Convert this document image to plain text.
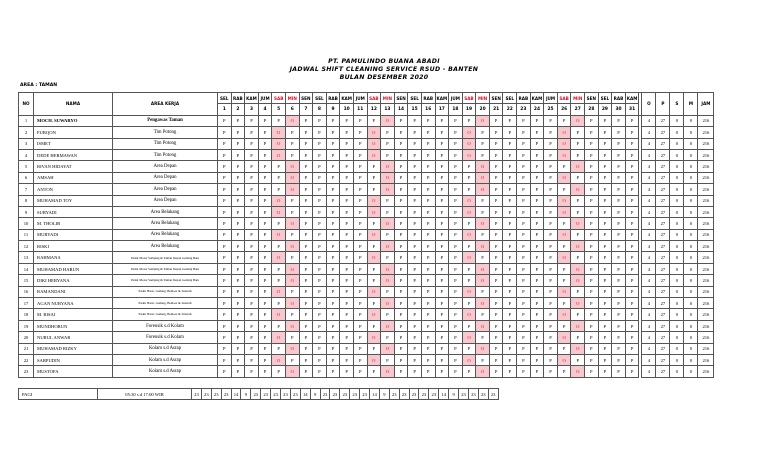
PT. PAMULINDO BUANA ABADI
JADWAL SHIFT CLEANING SERVICE RSUD - BANTEN
BULAN DESEMBER 2020
AREA : TAMAN
NO	NAMA	AREA KERJA	SEL	RAB	KAM	JUM	SAB	MIN	SEN	SEL	RAB	KAM	JUM	SAB	MIN	SEN	SEL	RAB	KAM	JUM	SAB	MIN	SEN	SEL	RAB	KAM	JUM	SAB	MIN	SEN	SEL	RAB	KAM		O	P	S	M	JAM
			1	2	3	4	5	6	7	8	9	10	11	12	13	14	15	16	17	18	19	20	21	22	23	24	25	26	27	28	29	30	31						
1	MOCH. SUWARYO	Pengawas Taman	P	P	P	P	P	O	P	P	P	P	P	P	O	P	P	P	P	P	P	O	P	P	P	P	P	P	O	P	P	P	P		4	27	0	0	216
2	FURQON	Tim Potong	P	P	P	P	O	P	P	P	P	P	P	O	P	P	P	P	P	P	O	P	P	P	P	P	P	O	P	P	P	P	P		4	27	0	0	216
3	ISMET	Tim Potong	P	P	P	P	O	P	P	P	P	P	P	O	P	P	P	P	P	P	O	P	P	P	P	P	P	O	P	P	P	P	P		4	27	0	0	216
4	DEDE HERMAWAN	Tim Potong	P	P	P	P	O	P	P	P	P	P	P	O	P	P	P	P	P	P	O	P	P	P	P	P	P	O	P	P	P	P	P		4	27	0	0	216
5	RIVAN HIDAYAT	Area Depan	P	P	P	P	P	O	P	P	P	P	P	P	O	P	P	P	P	P	P	O	P	P	P	P	P	P	O	P	P	P	P		4	27	0	0	216
6	AMSAH	Area Depan	P	P	P	P	P	O	P	P	P	P	P	P	O	P	P	P	P	P	P	O	P	P	P	P	P	O	P	P	P	P	P		4	27	0	0	216
7	ANTON	Area Depan	P	P	P	P	P	O	P	P	P	P	P	P	O	P	P	P	P	P	P	O	P	P	P	P	P	P	O	P	P	P	P		4	27	0	0	216
8	MUHAMAD TOY	Area Depan	P	P	P	P	O	P	P	P	P	P	P	O	P	P	P	P	P	P	O	P	P	P	P	P	P	O	P	P	P	P	P		4	27	0	0	216
9	SURYADI	Area Belakang	P	P	P	P	O	P	P	P	P	P	P	O	P	P	P	P	P	P	O	P	P	P	P	P	P	O	P	P	P	P	P		4	27	0	0	216
10	M. THOLIB	Area Belakang	P	P	P	P	P	O	P	P	P	P	P	P	O	P	P	P	P	P	P	O	P	P	P	P	P	P	O	P	P	P	P		4	27	0	0	216
11	MURYADI	Area Belakang	P	P	P	P	O	P	P	P	P	P	P	O	P	P	P	P	P	P	O	P	P	P	P	P	P	O	P	P	P	P	P		4	27	0	0	216
12	RISKI	Area Belakang	P	P	P	P	P	O	P	P	P	P	P	P	O	P	P	P	P	P	P	O	P	P	P	P	P	P	O	P	P	P	P		4	27	0	0	216
13	RAHMANA	Parkir Motor Samping & Taman Depan Gedung Baru	P	P	P	P	O	P	P	P	P	P	P	O	P	P	P	P	P	P	O	P	P	P	P	P	P	O	P	P	P	P	P		4	27	0	0	216
14	MUHAMAD HARUN	Parkir Motor Samping & Taman Depan Gedung Baru	P	P	P	P	P	O	P	P	P	P	P	P	O	P	P	P	P	P	P	O	P	P	P	P	P	P	O	P	P	P	P		4	27	0	0	216
15	DIKI HERYANA	Parkir Motor Samping & Taman Depan Gedung Baru	P	P	P	P	P	O	P	P	P	P	P	P	O	P	P	P	P	P	P	O	P	P	P	P	P	P	O	P	P	P	P		4	27	0	0	216
16	RAMANDANI	Parkir Barat, Gudang, Bemaor & Jenazah	P	P	P	P	O	P	P	P	P	P	P	O	P	P	P	P	P	P	O	P	P	P	P	P	P	O	P	P	P	P	P		4	27	0	0	216
17	AGAN NURYANA	Parkir Barat, Gudang, Bemaor & Jenazah	P	P	P	P	P	O	P	P	P	P	P	P	O	P	P	P	P	P	P	O	P	P	P	P	P	P	O	P	P	P	P		4	27	0	0	216
18	M. RISAI	Parkir Barat, Gudang, Bemaor & Jenazah	P	P	P	P	O	P	P	P	P	P	P	O	P	P	P	P	P	P	O	P	P	P	P	P	P	O	P	P	P	P	P		4	27	0	0	216
19	MUNDHORUN	Forensik s.d Kolam	P	P	P	P	P	O	P	P	P	P	P	P	O	P	P	P	P	P	P	O	P	P	P	P	P	P	O	P	P	P	P		4	27	0	0	216
20	NURUL ANWAR	Forensik s.d Kolam	P	P	P	P	O	P	P	P	P	P	P	O	P	P	P	P	P	P	O	P	P	P	P	P	P	O	P	P	P	P	P		4	27	0	0	216
21	MUHAMAD RIZKY	Kolam s.d Asrap	P	P	P	P	P	O	P	P	P	P	P	P	O	P	P	P	P	P	P	O	P	P	P	P	P	P	O	P	P	P	P		4	27	0	0	216
22	SARPUDIN	Kolam s.d Asrap	P	P	P	P	O	P	P	P	P	P	P	O	P	P	P	P	P	P	O	P	P	P	P	P	P	O	P	P	P	P	P		4	27	0	0	216
23	MUSTOFA	Kolam s.d Asrap	P	P	P	P	P	O	P	P	P	P	P	P	O	P	P	P	P	P	P	O	P	P	P	P	P	P	O	P	P	P	P		4	27	0	0	216
PAGI	05:30 s.d 17:00 WIB	23	23	23	23	14	9	23	23	23	23	23	14	9	23	23	23	23	23	14	9	23	23	23	23	23	14	9	23	23	23	23
